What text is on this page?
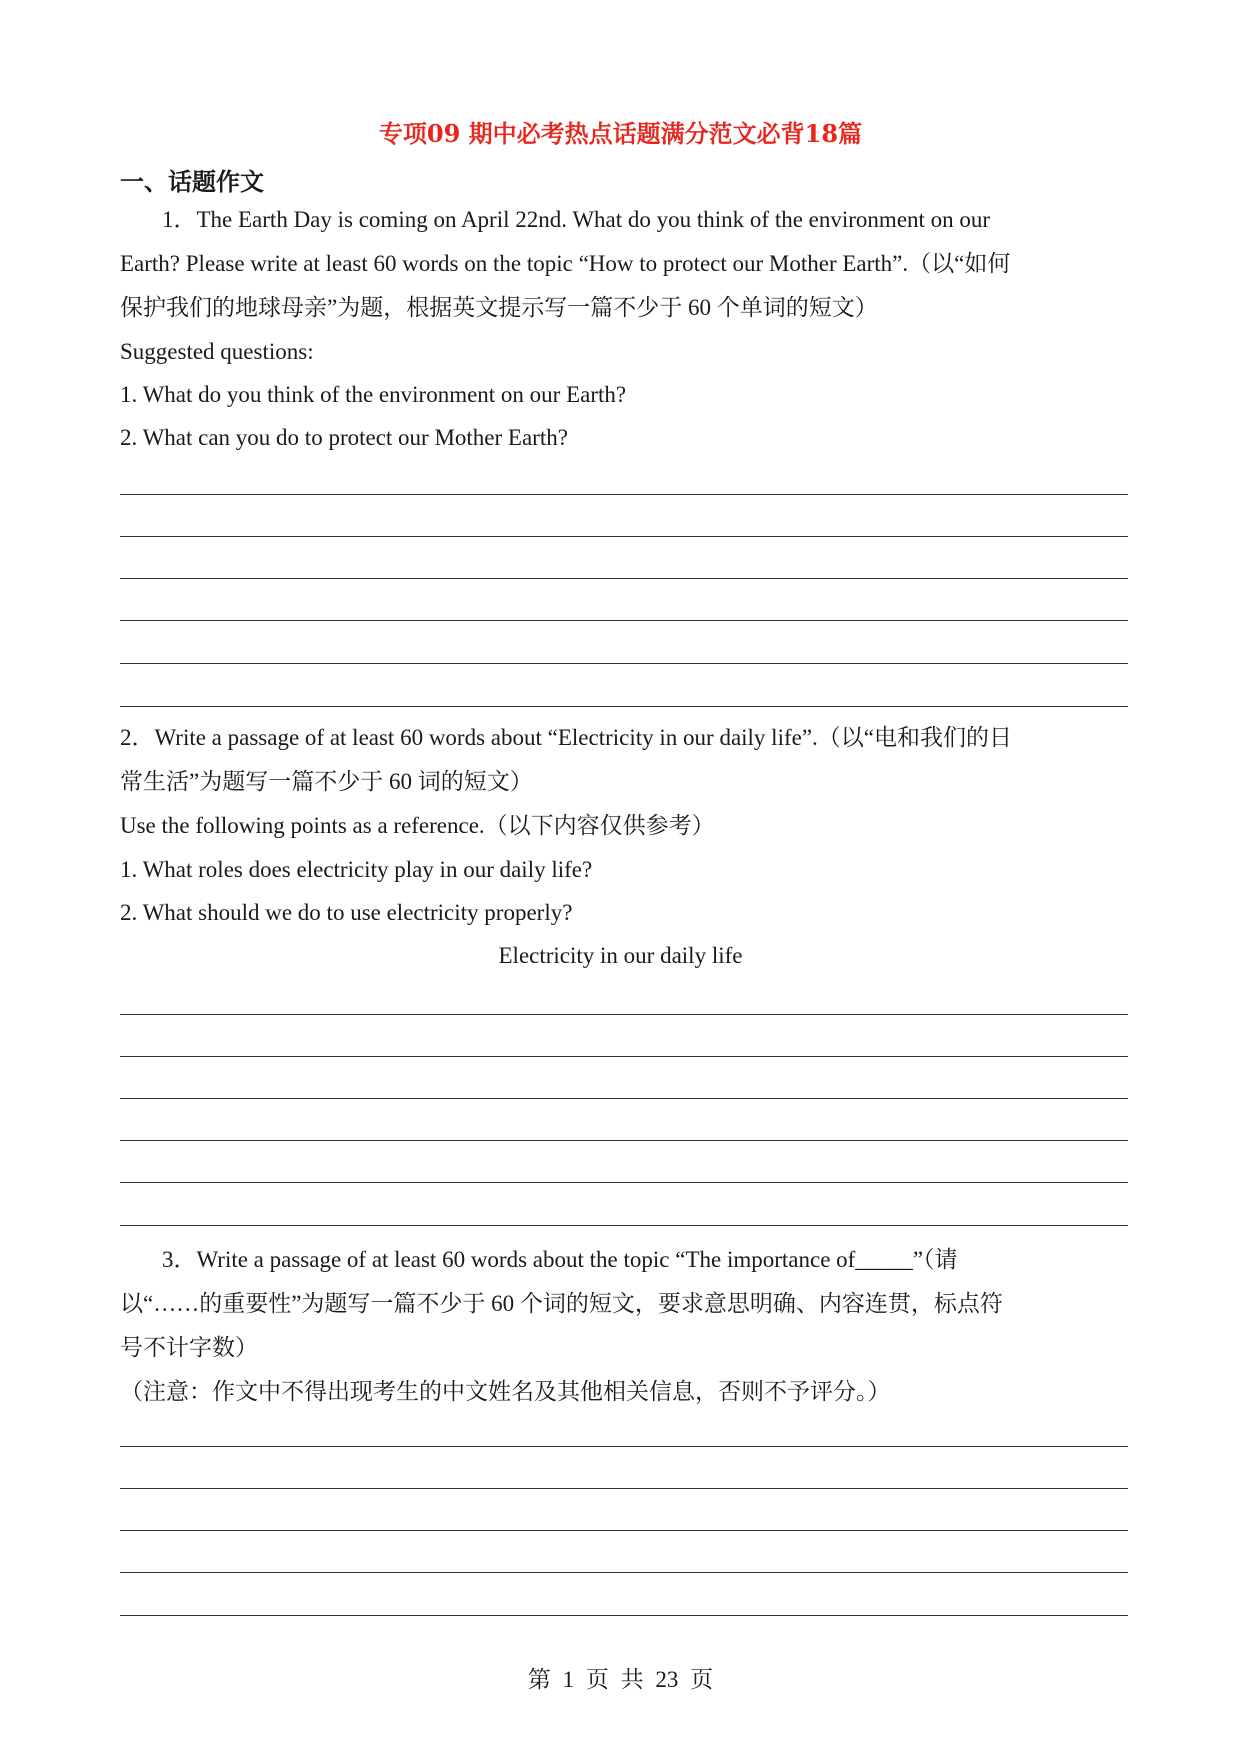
专项09 期中必考热点话题满分范文必背18篇
一、话题作文
1．The Earth Day is coming on April 22nd. What do you think of the environment on our
Earth? Please write at least 60 words on the topic “How to protect our Mother Earth”.（以“如何
保护我们的地球母亲”为题，根据英文提示写一篇不少于 60 个单词的短文）
Suggested questions:
1. What do you think of the environment on our Earth?
2. What can you do to protect our Mother Earth?
2．Write a passage of at least 60 words about “Electricity in our daily life”.（以“电和我们的日
常生活”为题写一篇不少于 60 词的短文）
Use the following points as a reference.（以下内容仅供参考）
1. What roles does electricity play in our daily life?
2. What should we do to use electricity properly?
Electricity in our daily life
3．Write a passage of at least 60 words about the topic “The importance of_____”（请
以“……的重要性”为题写一篇不少于 60 个词的短文，要求意思明确、内容连贯，标点符
号不计字数）
（注意：作文中不得出现考生的中文姓名及其他相关信息，否则不予评分。）
第 1 页 共 23 页
